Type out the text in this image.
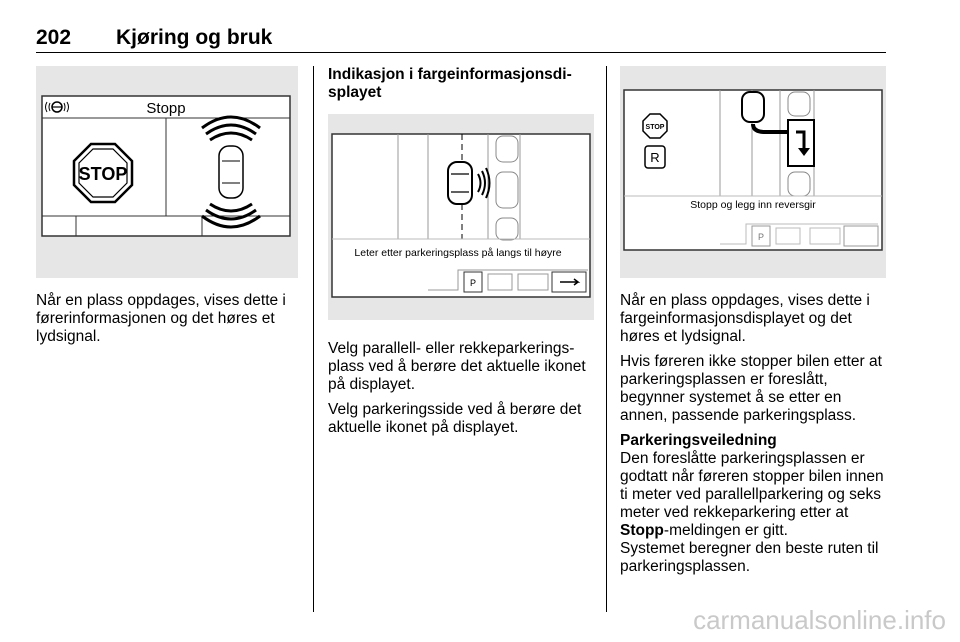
202 Kjøring og bruk
Stopp
STOP

Når en plass oppdages, vises dette i førerinformasjonen og det høres et lydsignal.

Indikasjon i fargeinformasjonsdi-
splayet
Leter etter parkeringsplass på langs til høyre
P

Velg parallell- eller rekkeparkerings-plass ved å berøre det aktuelle ikonet på displayet.

Velg parkeringsside ved å berøre det aktuelle ikonet på displayet.

STOP
R
Stopp og legg inn reversgir
P

Når en plass oppdages, vises dette i fargeinformasjonsdisplayet og det høres et lydsignal.

Hvis føreren ikke stopper bilen etter at parkeringsplassen er foreslått, begynner systemet å se etter en annen, passende parkeringsplass.

Parkeringsveiledning

Den foreslåtte parkeringsplassen er godtatt når føreren stopper bilen innen ti meter ved parallellparkering og seks meter ved rekkeparkering etter at Stopp-meldingen er gitt.

Systemet beregner den beste ruten til parkeringsplassen.

carmanualsonline.info
